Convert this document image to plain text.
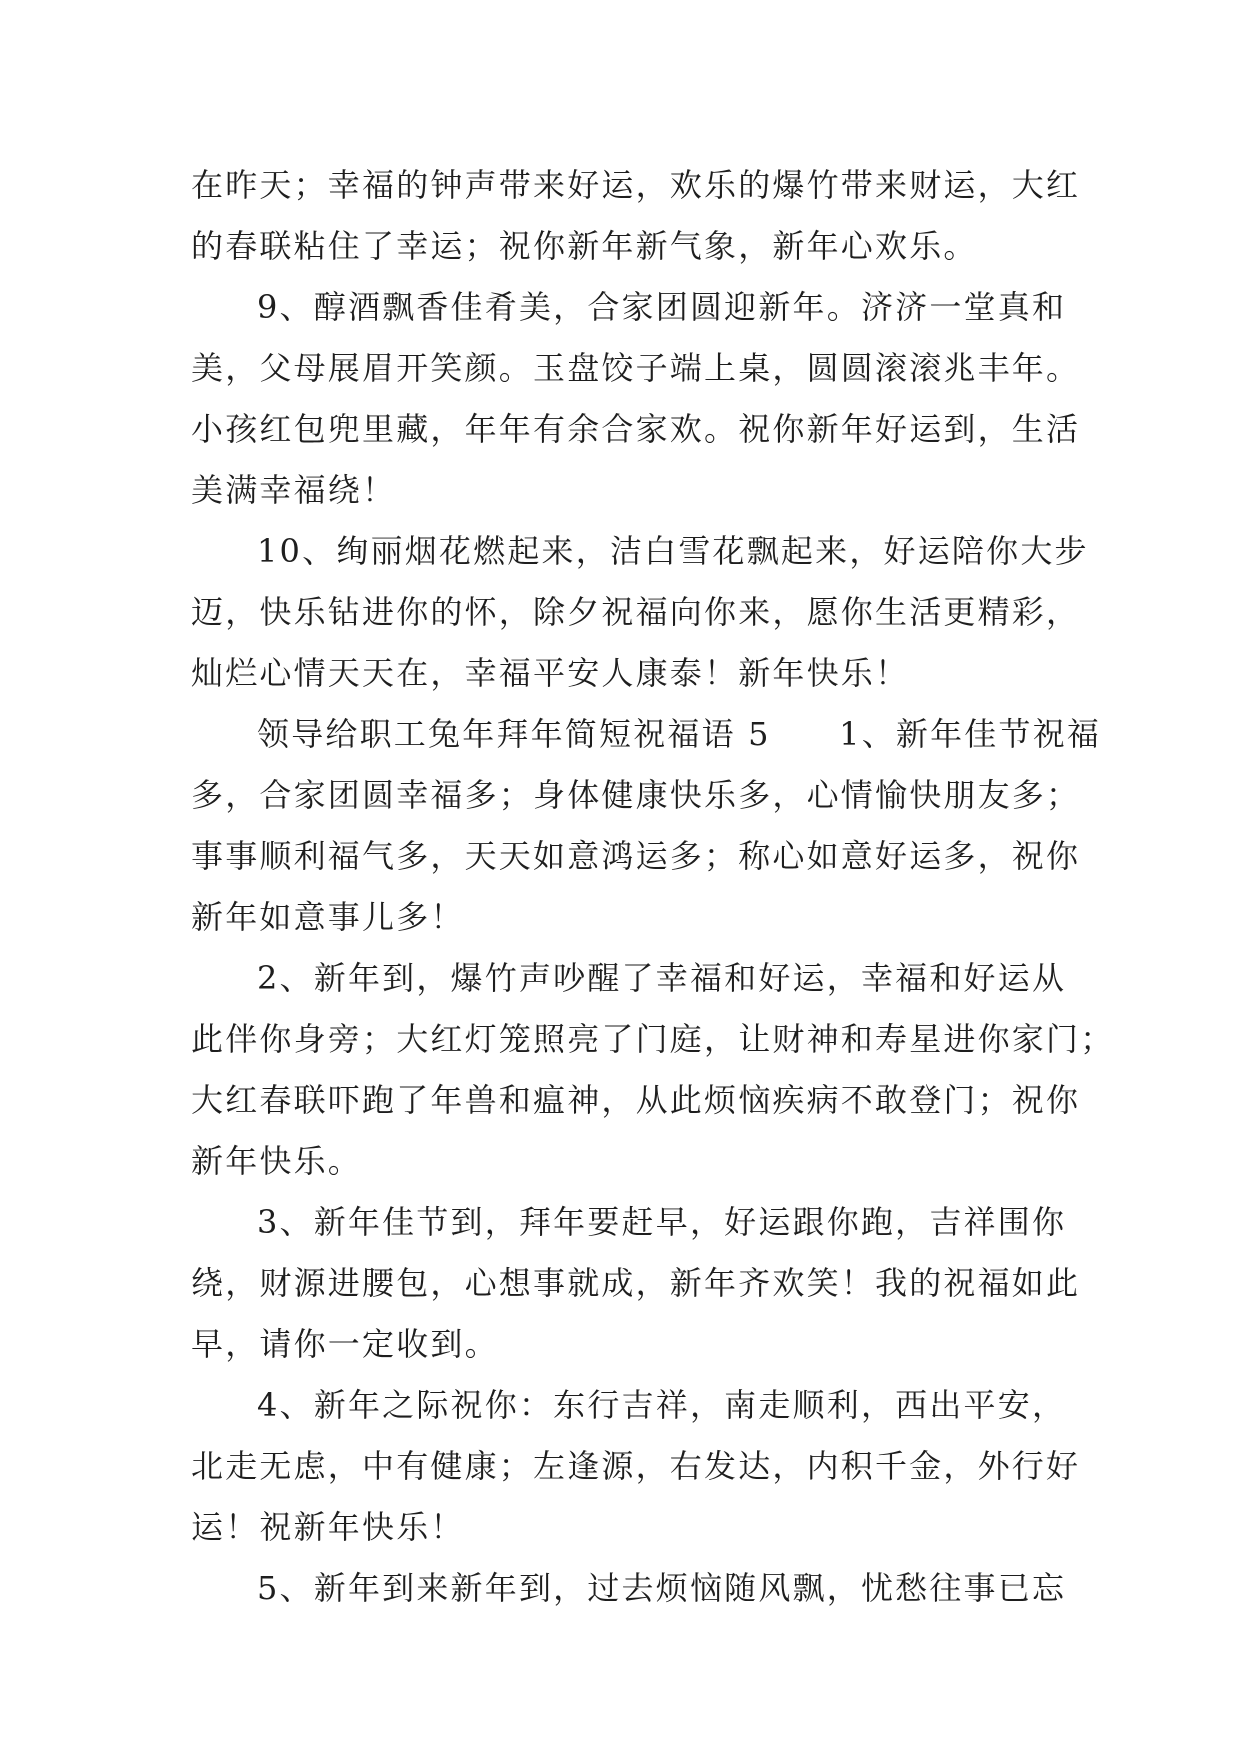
在昨天；幸福的钟声带来好运，欢乐的爆竹带来财运，大红
的春联粘住了幸运；祝你新年新气象，新年心欢乐。
9、醇酒飘香佳肴美，合家团圆迎新年。济济一堂真和
美，父母展眉开笑颜。玉盘饺子端上桌，圆圆滚滚兆丰年。
小孩红包兜里藏，年年有余合家欢。祝你新年好运到，生活
美满幸福绕！
10、绚丽烟花燃起来，洁白雪花飘起来，好运陪你大步
迈，快乐钻进你的怀，除夕祝福向你来，愿你生活更精彩，
灿烂心情天天在，幸福平安人康泰！新年快乐！
领导给职工兔年拜年简短祝福语 5　　1、新年佳节祝福
多，合家团圆幸福多；身体健康快乐多，心情愉快朋友多；
事事顺利福气多，天天如意鸿运多；称心如意好运多，祝你
新年如意事儿多！
2、新年到，爆竹声吵醒了幸福和好运，幸福和好运从
此伴你身旁；大红灯笼照亮了门庭，让财神和寿星进你家门；
大红春联吓跑了年兽和瘟神，从此烦恼疾病不敢登门；祝你
新年快乐。
3、新年佳节到，拜年要赶早，好运跟你跑，吉祥围你
绕，财源进腰包，心想事就成，新年齐欢笑！我的祝福如此
早，请你一定收到。
4、新年之际祝你：东行吉祥，南走顺利，西出平安，
北走无虑，中有健康；左逢源，右发达，内积千金，外行好
运！祝新年快乐！
5、新年到来新年到，过去烦恼随风飘，忧愁往事已忘
